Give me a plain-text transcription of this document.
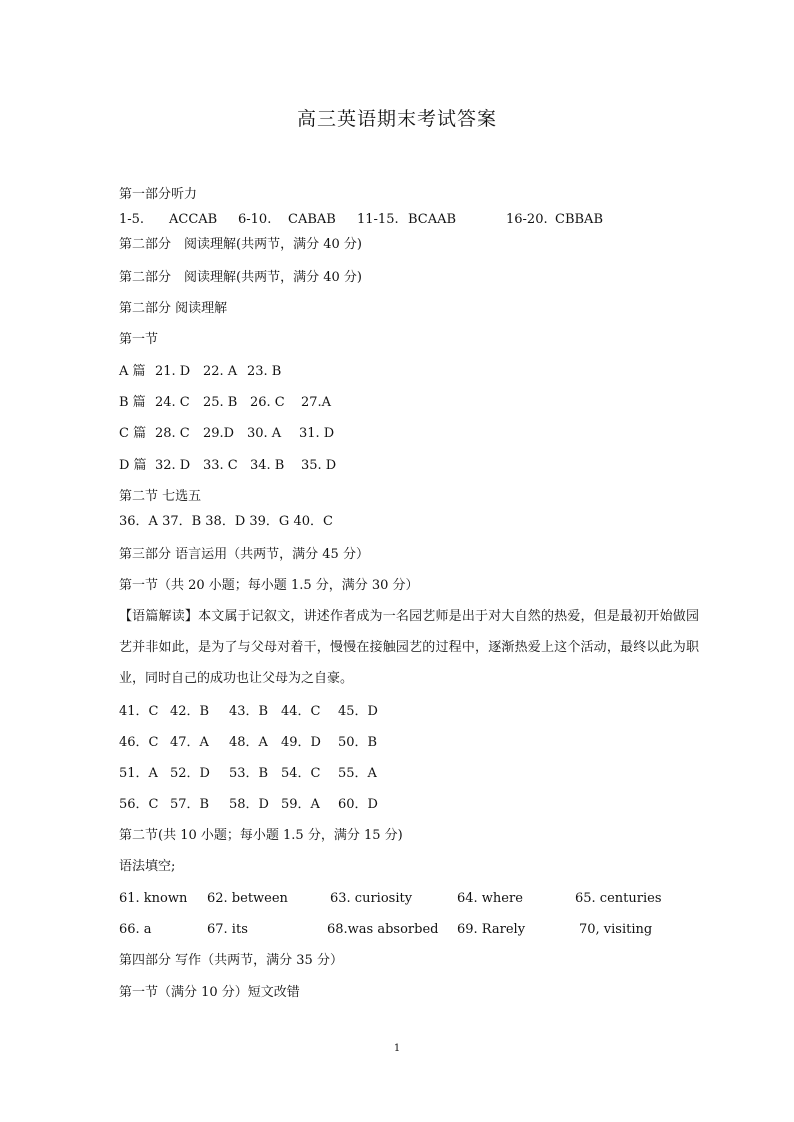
高三英语期末考试答案
第一部分听力
1-5. ACCAB 6-10. CABAB 11-15. BCAAB	16-20. CBBAB
第二部分　阅读理解(共两节，满分 40 分)
第二部分　阅读理解(共两节，满分 40 分)
第二部分 阅读理解
第一节
A 篇 21. D 22. A 23. B
B 篇 24. C 25. B 26. C 27.A
C 篇 28. C 29.D 30. A 31. D
D 篇 32. D 33. C 34. B 35. D
第二节 七选五
36．A 37．B 38．D 39．G 40．C
第三部分 语言运用（共两节，满分 45 分）
第一节（共 20 小题；每小题 1.5 分，满分 30 分）
【语篇解读】本文属于记叙文，讲述作者成为一名园艺师是出于对大自然的热爱，但是最初开始做园艺并非如此，是为了与父母对着干，慢慢在接触园艺的过程中，逐渐热爱上这个活动，最终以此为职业，同时自己的成功也让父母为之自豪。
41．C 42．B 43．B 44．C 45．D
46．C 47．A 48．A 49．D 50．B
51．A 52．D 53．B 54．C 55．A
56．C 57．B 58．D 59．A 60．D
第二节(共 10 小题；每小题 1.5 分，满分 15 分)
语法填空;
61. known 62. between	63. curiosity	64. where	65. centuries
66. a	67. its	68.was absorbed 69. Rarely	70, visiting
第四部分 写作（共两节，满分 35 分）
第一节（满分 10 分）短文改错
1
